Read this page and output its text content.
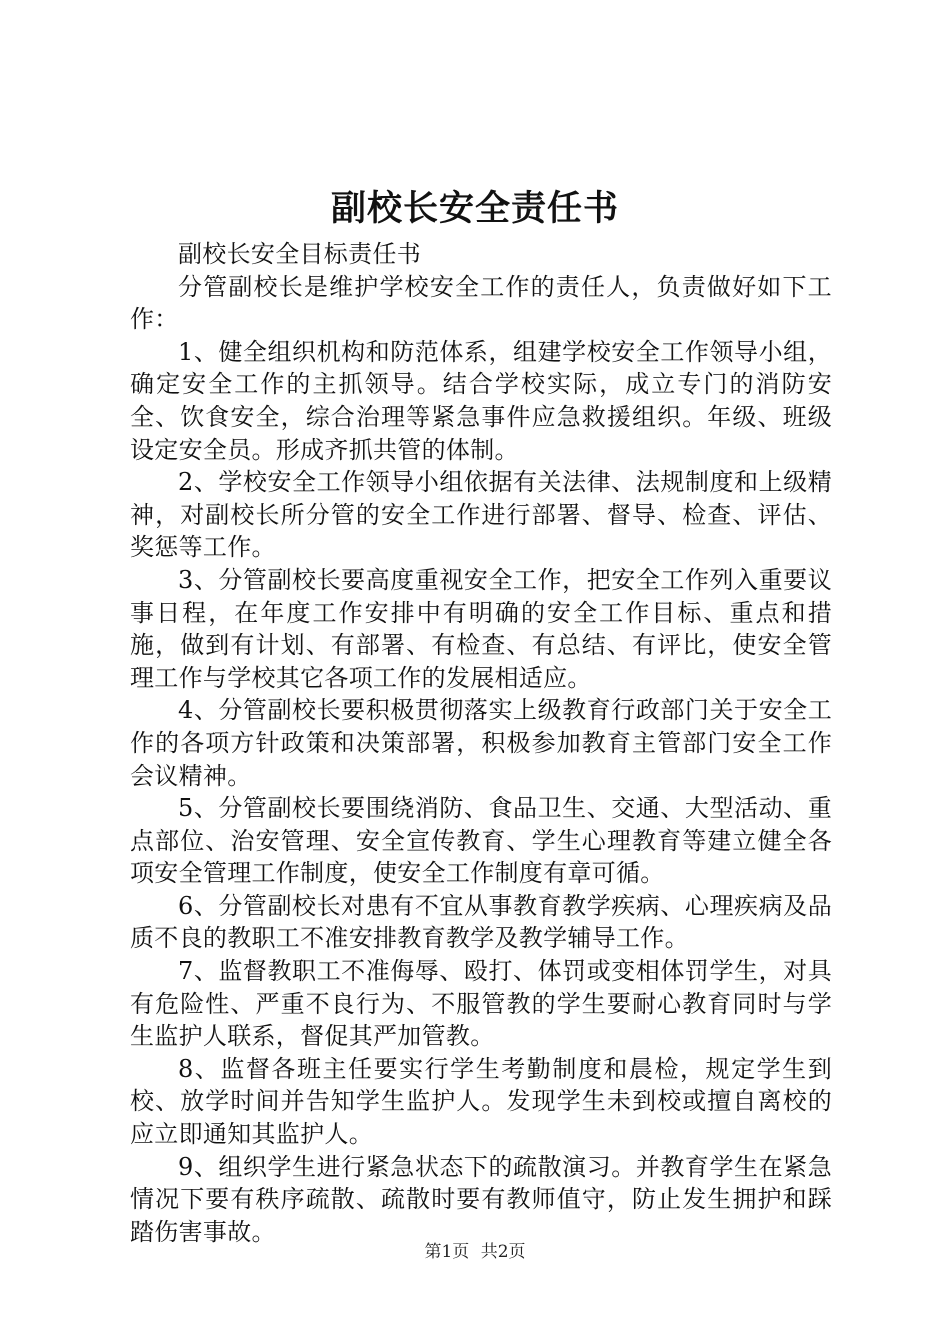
副校长安全责任书

副校长安全目标责任书

分管副校长是维护学校安全工作的责任人，负责做好如下工作：

1、健全组织机构和防范体系，组建学校安全工作领导小组，确定安全工作的主抓领导。结合学校实际，成立专门的消防安全、饮食安全，综合治理等紧急事件应急救援组织。年级、班级设定安全员。形成齐抓共管的体制。

2、学校安全工作领导小组依据有关法律、法规制度和上级精神，对副校长所分管的安全工作进行部署、督导、检查、评估、奖惩等工作。

3、分管副校长要高度重视安全工作，把安全工作列入重要议事日程，在年度工作安排中有明确的安全工作目标、重点和措施，做到有计划、有部署、有检查、有总结、有评比，使安全管理工作与学校其它各项工作的发展相适应。

4、分管副校长要积极贯彻落实上级教育行政部门关于安全工作的各项方针政策和决策部署，积极参加教育主管部门安全工作会议精神。

5、分管副校长要围绕消防、食品卫生、交通、大型活动、重点部位、治安管理、安全宣传教育、学生心理教育等建立健全各项安全管理工作制度，使安全工作制度有章可循。

6、分管副校长对患有不宜从事教育教学疾病、心理疾病及品质不良的教职工不准安排教育教学及教学辅导工作。

7、监督教职工不准侮辱、殴打、体罚或变相体罚学生，对具有危险性、严重不良行为、不服管教的学生要耐心教育同时与学生监护人联系，督促其严加管教。

8、监督各班主任要实行学生考勤制度和晨检，规定学生到校、放学时间并告知学生监护人。发现学生未到校或擅自离校的应立即通知其监护人。

9、组织学生进行紧急状态下的疏散演习。并教育学生在紧急情况下要有秩序疏散、疏散时要有教师值守，防止发生拥护和踩踏伤害事故。

第1页 共2页
